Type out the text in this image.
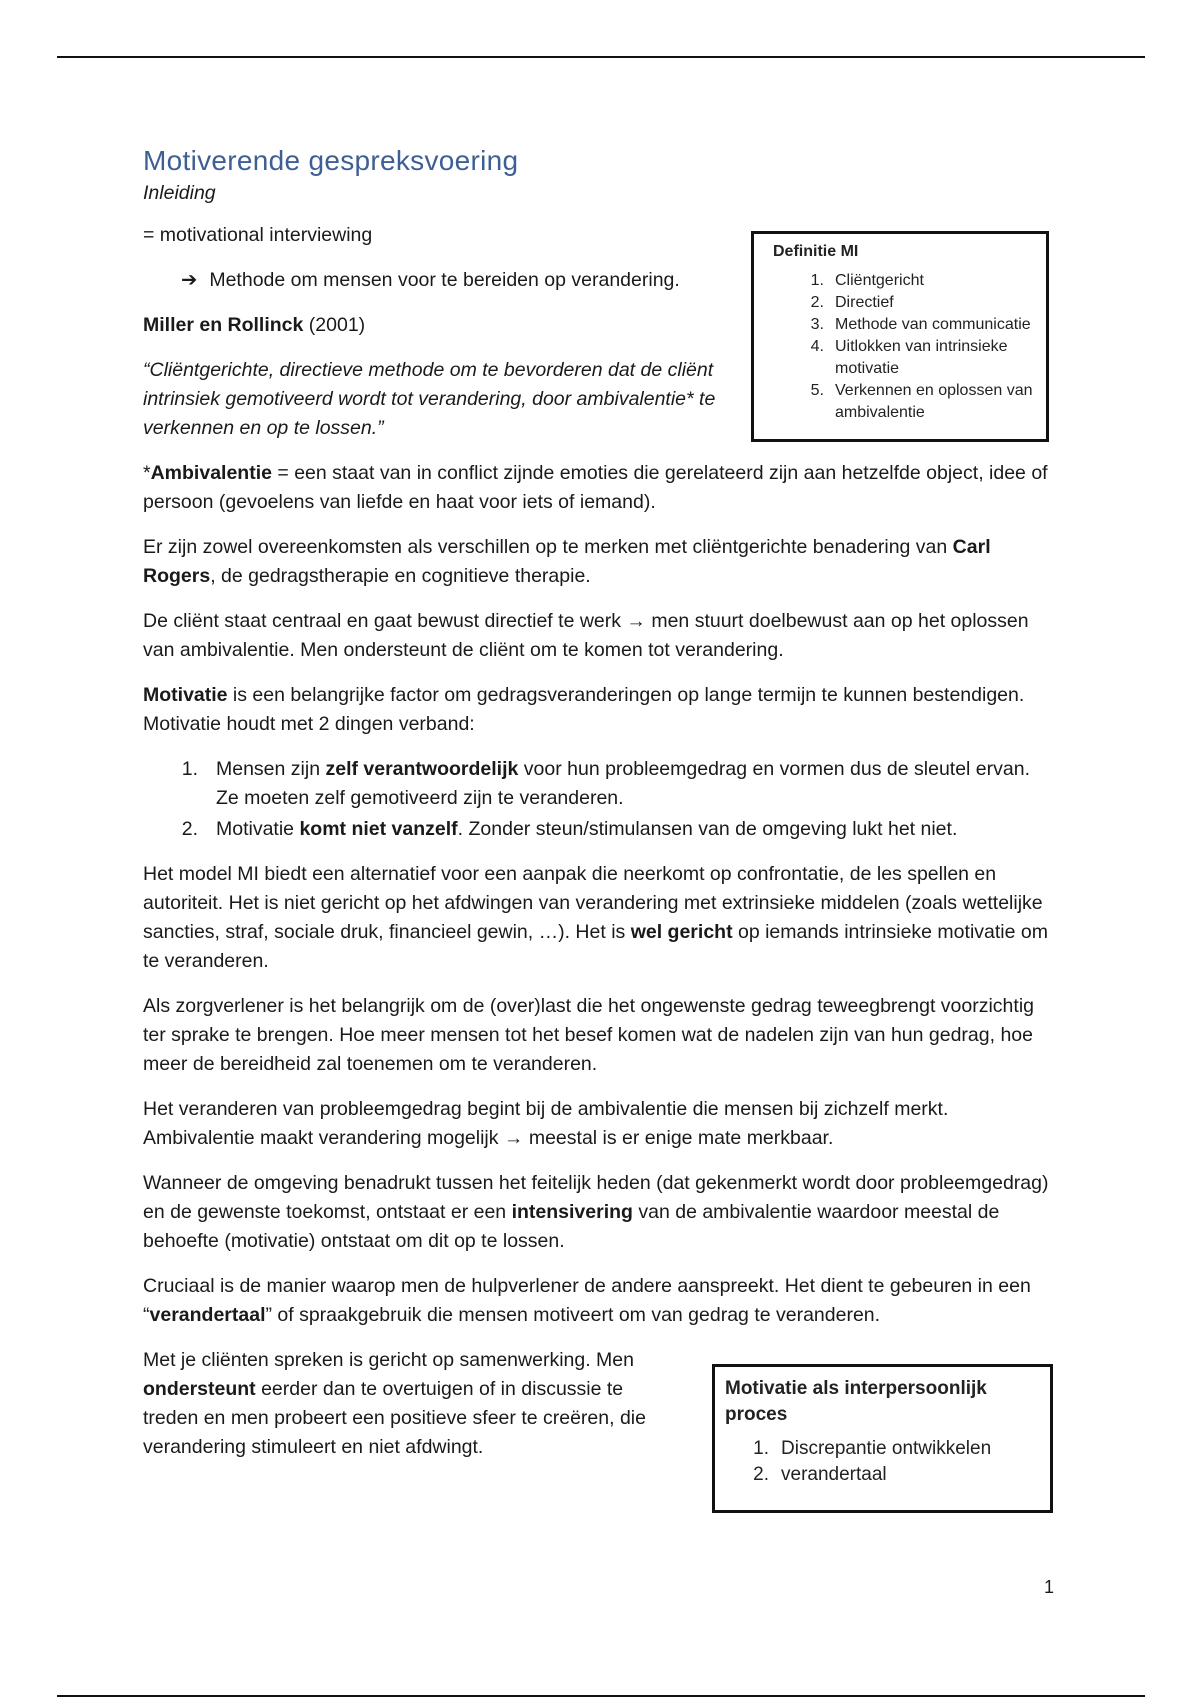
Motiverende gespreksvoering
Inleiding

= motivational interviewing

➔ Methode om mensen voor te bereiden op verandering.

Miller en Rollinck (2001)

“Cliëntgerichte, directieve methode om te bevorderen dat de cliënt intrinsiek gemotiveerd wordt tot verandering, door ambivalentie* te verkennen en op te lossen.”

*Ambivalentie = een staat van in conflict zijnde emoties die gerelateerd zijn aan hetzelfde object, idee of persoon (gevoelens van liefde en haat voor iets of iemand).

Er zijn zowel overeenkomsten als verschillen op te merken met cliëntgerichte benadering van Carl Rogers, de gedragstherapie en cognitieve therapie.

De cliënt staat centraal en gaat bewust directief te werk → men stuurt doelbewust aan op het oplossen van ambivalentie. Men ondersteunt de cliënt om te komen tot verandering.

Motivatie is een belangrijke factor om gedragsveranderingen op lange termijn te kunnen bestendigen. Motivatie houdt met 2 dingen verband:

1. Mensen zijn zelf verantwoordelijk voor hun probleemgedrag en vormen dus de sleutel ervan. Ze moeten zelf gemotiveerd zijn te veranderen.
2. Motivatie komt niet vanzelf. Zonder steun/stimulansen van de omgeving lukt het niet.

Het model MI biedt een alternatief voor een aanpak die neerkomt op confrontatie, de les spellen en autoriteit. Het is niet gericht op het afdwingen van verandering met extrinsieke middelen (zoals wettelijke sancties, straf, sociale druk, financieel gewin, …). Het is wel gericht op iemands intrinsieke motivatie om te veranderen.

Als zorgverlener is het belangrijk om de (over)last die het ongewenste gedrag teweegbrengt voorzichtig ter sprake te brengen. Hoe meer mensen tot het besef komen wat de nadelen zijn van hun gedrag, hoe meer de bereidheid zal toenemen om te veranderen.

Het veranderen van probleemgedrag begint bij de ambivalentie die mensen bij zichzelf merkt. Ambivalentie maakt verandering mogelijk → meestal is er enige mate merkbaar.

Wanneer de omgeving benadrukt tussen het feitelijk heden (dat gekenmerkt wordt door probleemgedrag) en de gewenste toekomst, ontstaat er een intensivering van de ambivalentie waardoor meestal de behoefte (motivatie) ontstaat om dit op te lossen.

Cruciaal is de manier waarop men de hulpverlener de andere aanspreekt. Het dient te gebeuren in een “verandertaal” of spraakgebruik die mensen motiveert om van gedrag te veranderen.

Met je cliënten spreken is gericht op samenwerking. Men ondersteunt eerder dan te overtuigen of in discussie te treden en men probeert een positieve sfeer te creëren, die verandering stimuleert en niet afdwingt.

Definitie MI
1. Cliëntgericht
2. Directief
3. Methode van communicatie
4. Uitlokken van intrinsieke motivatie
5. Verkennen en oplossen van ambivalentie
Motivatie als interpersoonlijk proces
1. Discrepantie ontwikkelen
2. verandertaal
1
